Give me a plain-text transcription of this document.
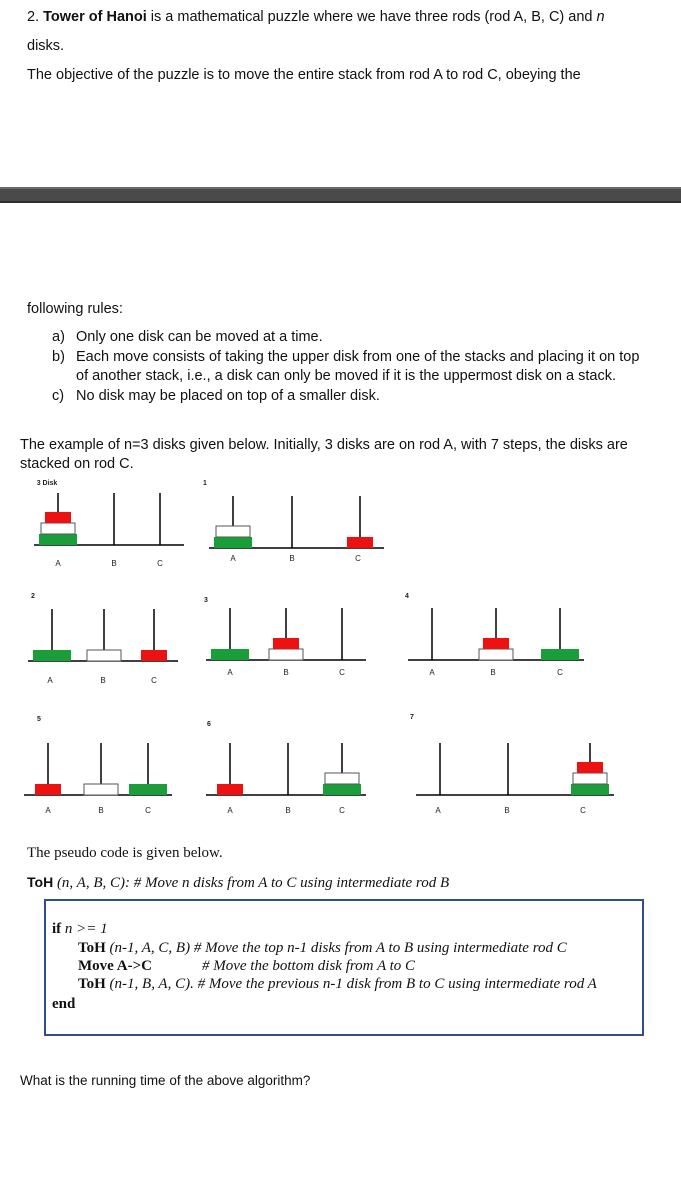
2. Tower of Hanoi is a mathematical puzzle where we have three rods (rod A, B, C) and n
disks.
The objective of the puzzle is to move the entire stack from rod A to rod C, obeying the
following rules:
a) Only one disk can be moved at a time.
b) Each move consists of taking the upper disk from one of the stacks and placing it on top
of another stack, i.e., a disk can only be moved if it is the uppermost disk on a stack.
c) No disk may be placed on top of a smaller disk.
The example of n=3 disks given below. Initially, 3 disks are on rod A, with 7 steps, the disks are
stacked on rod C.
A	B	C
3 Disk
A	B	C
1
A	B	C
2
A	B	C
3
A	B	C
4
A	B	C
5
A	B	C
6
A	B	C
7
The pseudo code is given below.
ToH (n, A, B, C): # Move n disks from A to C using intermediate rod B
if n >= 1
ToH (n-1, A, C, B) # Move the top n-1 disks from A to B using intermediate rod C
Move A->C	# Move the bottom disk from A to C
ToH (n-1, B, A, C). # Move the previous n-1 disk from B to C using intermediate rod A
end
What is the running time of the above algorithm?
